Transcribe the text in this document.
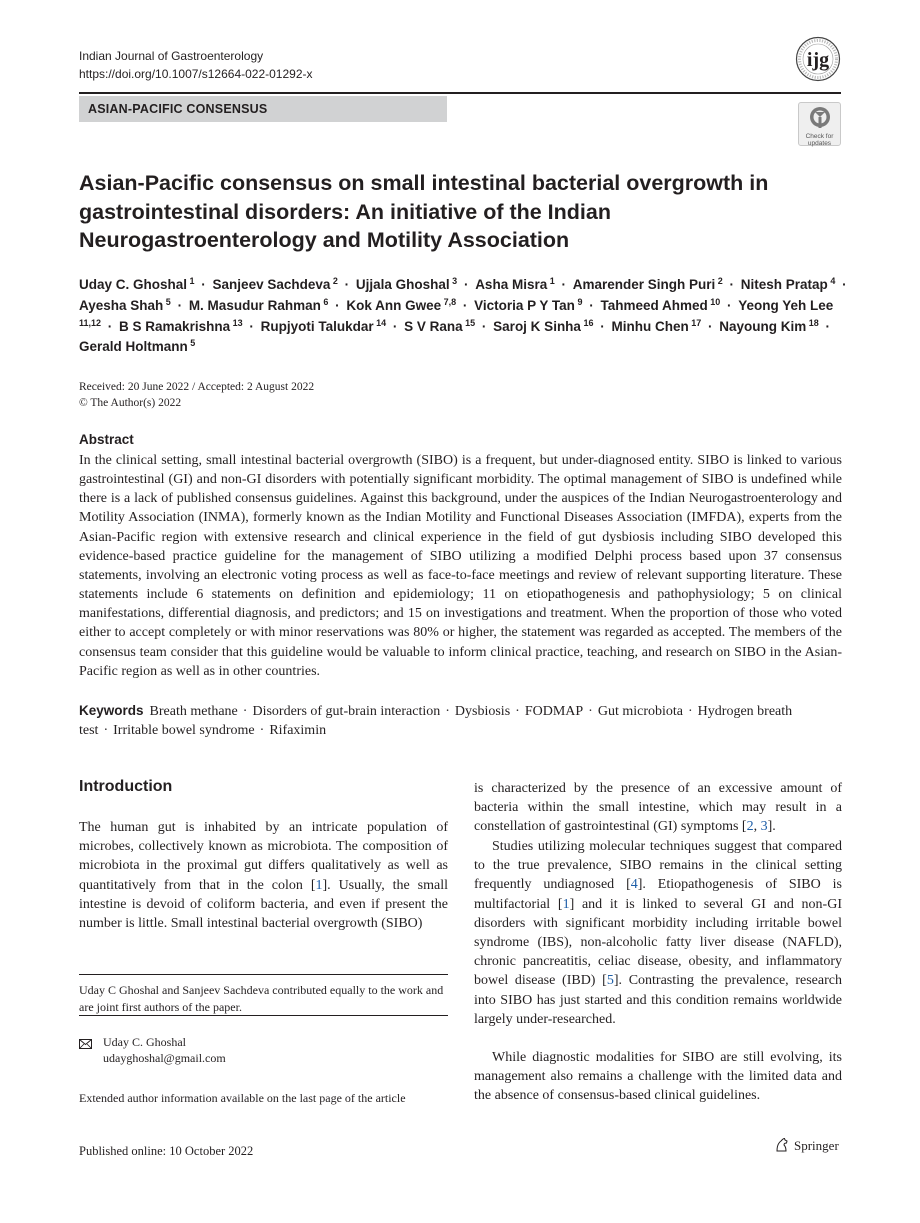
Indian Journal of Gastroenterology
https://doi.org/10.1007/s12664-022-01292-x
ASIAN-PACIFIC CONSENSUS
ijg
Check for updates
Asian-Pacific consensus on small intestinal bacterial overgrowth in gastrointestinal disorders: An initiative of the Indian Neurogastroenterology and Motility Association
Uday C. Ghoshal $^1$ · Sanjeev Sachdeva $^2$ · Ujjala Ghoshal $^3$ · Asha Misra $^1$ · Amarender Singh Puri $^2$ · Nitesh Pratap $^4$ · Ayesha Shah $^5$ · M. Masudur Rahman $^6$ · Kok Ann Gwee $^{7,8}$ · Victoria P Y Tan $^9$ · Tahmeed Ahmed $^{10}$ · Yeong Yeh Lee $^{11,12}$ · B S Ramakrishna $^{13}$ · Rupjyoti Talukdar $^{14}$ · S V Rana $^{15}$ · Saroj K Sinha $^{16}$ · Minhu Chen $^{17}$ · Nayoung Kim $^{18}$ · Gerald Holtmann $^5$
Received: 20 June 2022 / Accepted: 2 August 2022
© The Author(s) 2022
Abstract

In the clinical setting, small intestinal bacterial overgrowth (SIBO) is a frequent, but under-diagnosed entity. SIBO is linked to various gastrointestinal (GI) and non-GI disorders with potentially significant morbidity. The optimal management of SIBO is undefined while there is a lack of published consensus guidelines. Against this background, under the auspices of the Indian Neurogastroenterology and Motility Association (INMA), formerly known as the Indian Motility and Functional Diseases Association (IMFDA), experts from the Asian-Pacific region with extensive research and clinical experience in the field of gut dysbiosis including SIBO developed this evidence-based practice guideline for the management of SIBO utilizing a modified Delphi process based upon 37 consensus statements, involving an electronic voting process as well as face-to-face meetings and review of relevant supporting literature. These statements include 6 statements on definition and epidemiology; 11 on etiopathogenesis and pathophysiology; 5 on clinical manifestations, differential diagnosis, and predictors; and 15 on investigations and treatment. When the proportion of those who voted either to accept completely or with minor reservations was 80% or higher, the statement was regarded as accepted. The members of the consensus team consider that this guideline would be valuable to inform clinical practice, teaching, and research on SIBO in the Asian-Pacific region as well as in other countries.

Keywords Breath methane · Disorders of gut-brain interaction · Dysbiosis · FODMAP · Gut microbiota · Hydrogen breath test · Irritable bowel syndrome · Rifaximin
Introduction

The human gut is inhabited by an intricate population of microbes, collectively known as microbiota. The composition of microbiota in the proximal gut differs qualitatively as well as quantitatively from that in the colon [1]. Usually, the small intestine is devoid of coliform bacteria, and even if present the number is little. Small intestinal bacterial overgrowth (SIBO)

is characterized by the presence of an excessive amount of bacteria within the small intestine, which may result in a constellation of gastrointestinal (GI) symptoms [2, 3].

Studies utilizing molecular techniques suggest that compared to the true prevalence, SIBO remains in the clinical setting frequently undiagnosed [4]. Etiopathogenesis of SIBO is multifactorial [1] and it is linked to several GI and non-GI disorders with significant morbidity including irritable bowel syndrome (IBS), non-alcoholic fatty liver disease (NAFLD), chronic pancreatitis, celiac disease, obesity, and inflammatory bowel disease (IBD) [5]. Contrasting the prevalence, research into SIBO has just started and this condition remains worldwide largely under-researched.

While diagnostic modalities for SIBO are still evolving, its management also remains a challenge with the limited data and the absence of consensus-based clinical guidelines.

Uday C Ghoshal and Sanjeev Sachdeva contributed equally to the work and are joint first authors of the paper.
Uday C. Ghoshal
udayghoshal@gmail.com
Extended author information available on the last page of the article
Published online: 10 October 2022	Springer
